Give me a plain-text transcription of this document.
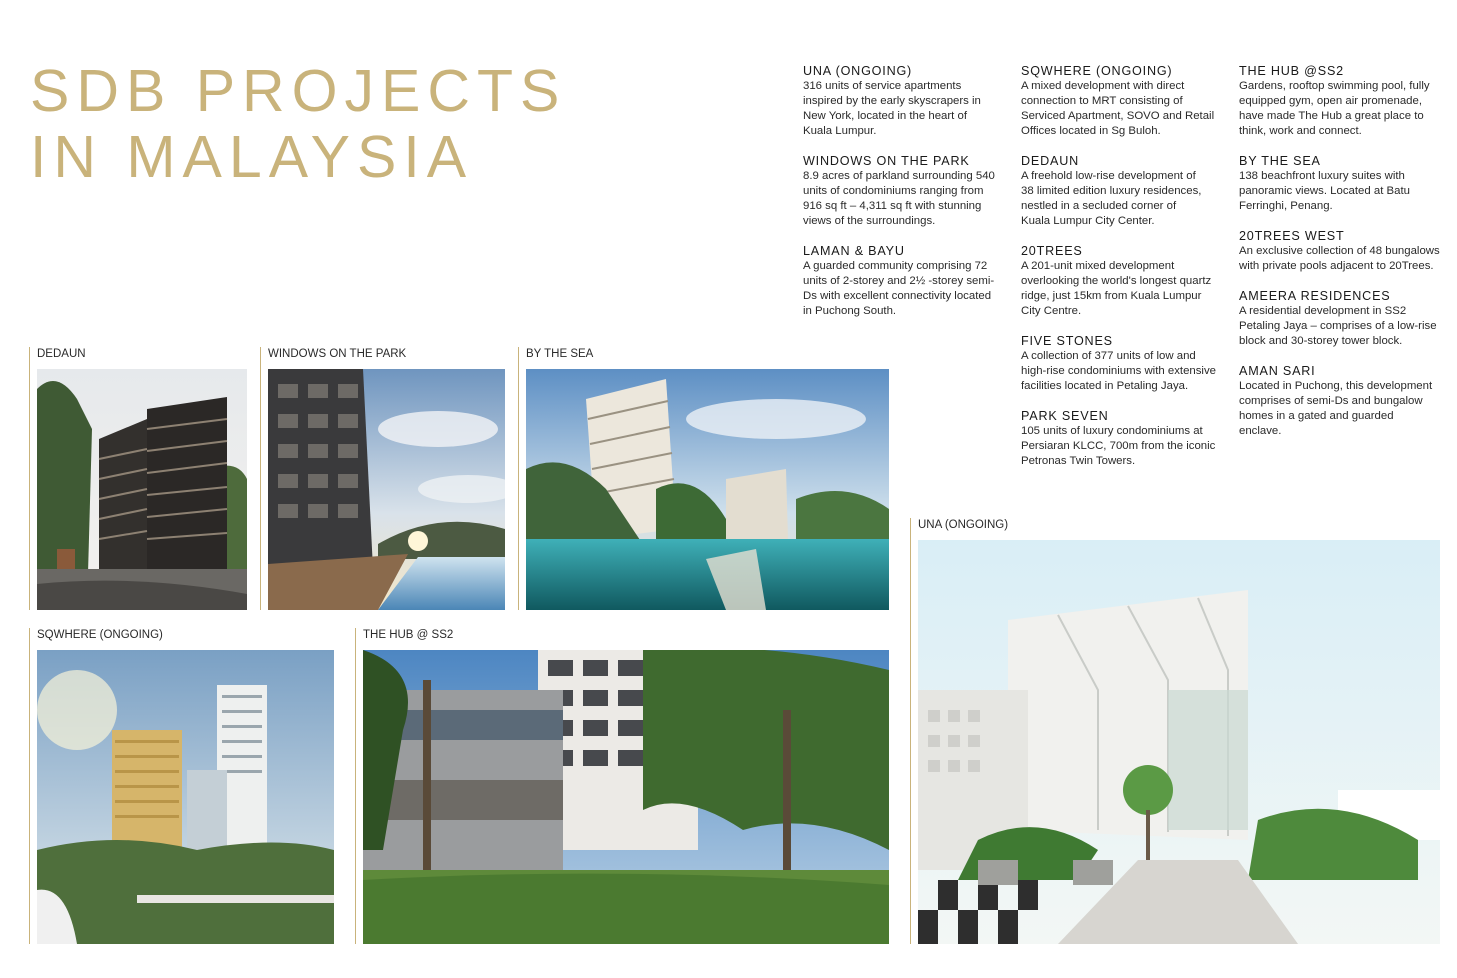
SDB PROJECTS
IN MALAYSIA
UNA (ONGOING)
316 units of service apartments inspired by the early skyscrapers in New York, located in the heart of Kuala Lumpur.
WINDOWS ON THE PARK
8.9 acres of parkland surrounding 540 units of condominiums ranging from 916 sq ft – 4,311 sq ft with stunning views of the surroundings.
LAMAN & BAYU
A guarded community comprising 72 units of 2-storey and 2½ -storey semi-Ds with excellent connectivity located in Puchong South.
SQWHERE (ONGOING)
A mixed development with direct connection to MRT consisting of Serviced Apartment, SOVO and Retail Offices located in Sg Buloh.
DEDAUN
A freehold low-rise development of 38 limited edition luxury residences, nestled in a secluded corner of Kuala Lumpur City Center.
20TREES
A 201-unit mixed development overlooking the world's longest quartz ridge, just 15km from Kuala Lumpur City Centre.
FIVE STONES
A collection of 377 units of low and high-rise condominiums with extensive facilities located in Petaling Jaya.
PARK SEVEN
105 units of luxury condominiums at Persiaran KLCC, 700m from the iconic Petronas Twin Towers.
THE HUB @SS2
Gardens, rooftop swimming pool, fully equipped gym, open air promenade, have made The Hub a great place to think, work and connect.
BY THE SEA
138 beachfront luxury suites with panoramic views. Located at Batu Ferringhi, Penang.
20TREES WEST
An exclusive collection of 48 bungalows with private pools adjacent to 20Trees.
AMEERA RESIDENCES
A residential development in SS2 Petaling Jaya – comprises of a low-rise block and 30-storey tower block.
AMAN SARI
Located in Puchong, this development comprises of semi-Ds and bungalow homes in a gated and guarded enclave.
DEDAUN	WINDOWS ON THE PARK	BY THE SEA
SQWHERE (ONGOING)	THE HUB @ SS2
UNA (ONGOING)
